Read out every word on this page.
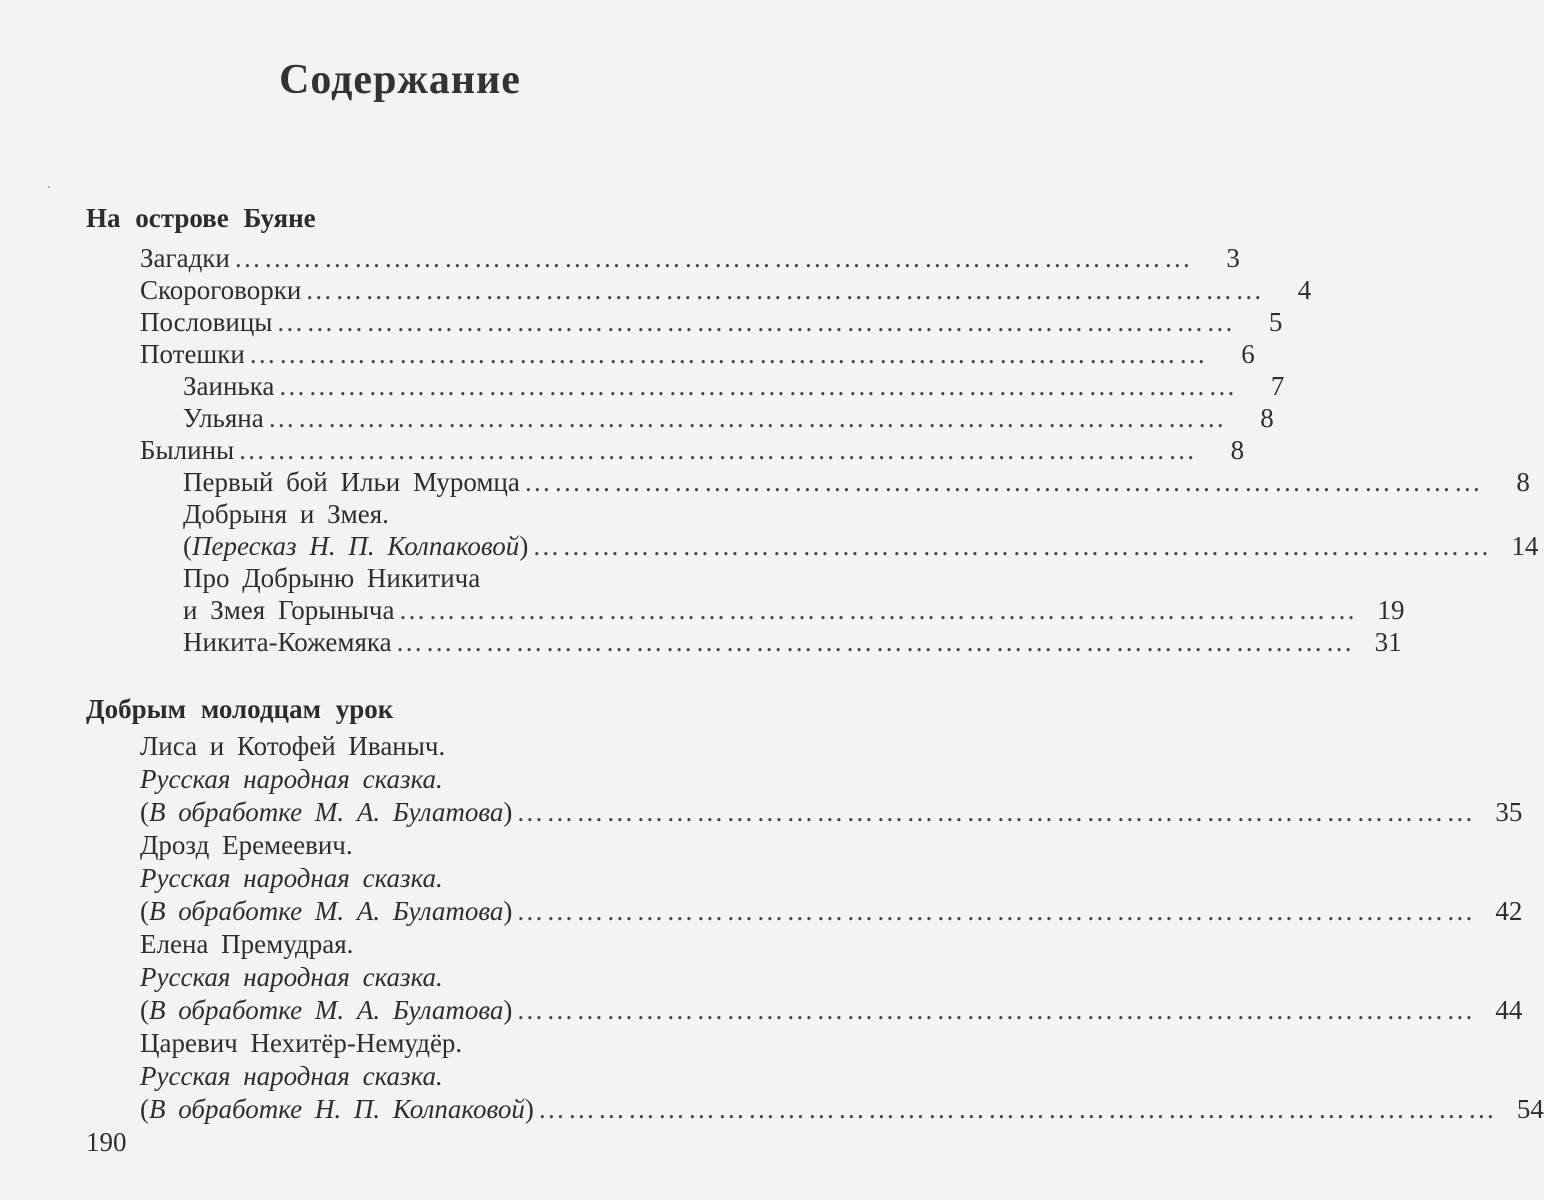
Содержание
На острове Буяне
Загадки ……………………………………………………………………………………	3
Скороговорки ……………………………………………………………………………………	4
Пословицы ……………………………………………………………………………………	5
Потешки ……………………………………………………………………………………	6
Заинька ……………………………………………………………………………………	7
Ульяна ……………………………………………………………………………………	8
Былины ……………………………………………………………………………………	8
Первый бой Ильи Муромца ……………………………………………………………………………………	8
Добрыня и Змея.
(Пересказ Н. П. Колпаковой) …………………………………………………………………………………… 14
Про Добрыню Никитича
и Змея Горыныча …………………………………………………………………………………… 19
Никита-Кожемяка …………………………………………………………………………………… 31
Добрым молодцам урок
Лиса и Котофей Иваныч.
Русская народная сказка.
(В обработке М. А. Булатова) …………………………………………………………………………………… 35
Дрозд Еремеевич.
Русская народная сказка.
(В обработке М. А. Булатова) …………………………………………………………………………………… 42
Елена Премудрая.
Русская народная сказка.
(В обработке М. А. Булатова) …………………………………………………………………………………… 44
Царевич Нехитёр-Немудёр.
Русская народная сказка.
(В обработке Н. П. Колпаковой) …………………………………………………………………………………… 54
190
